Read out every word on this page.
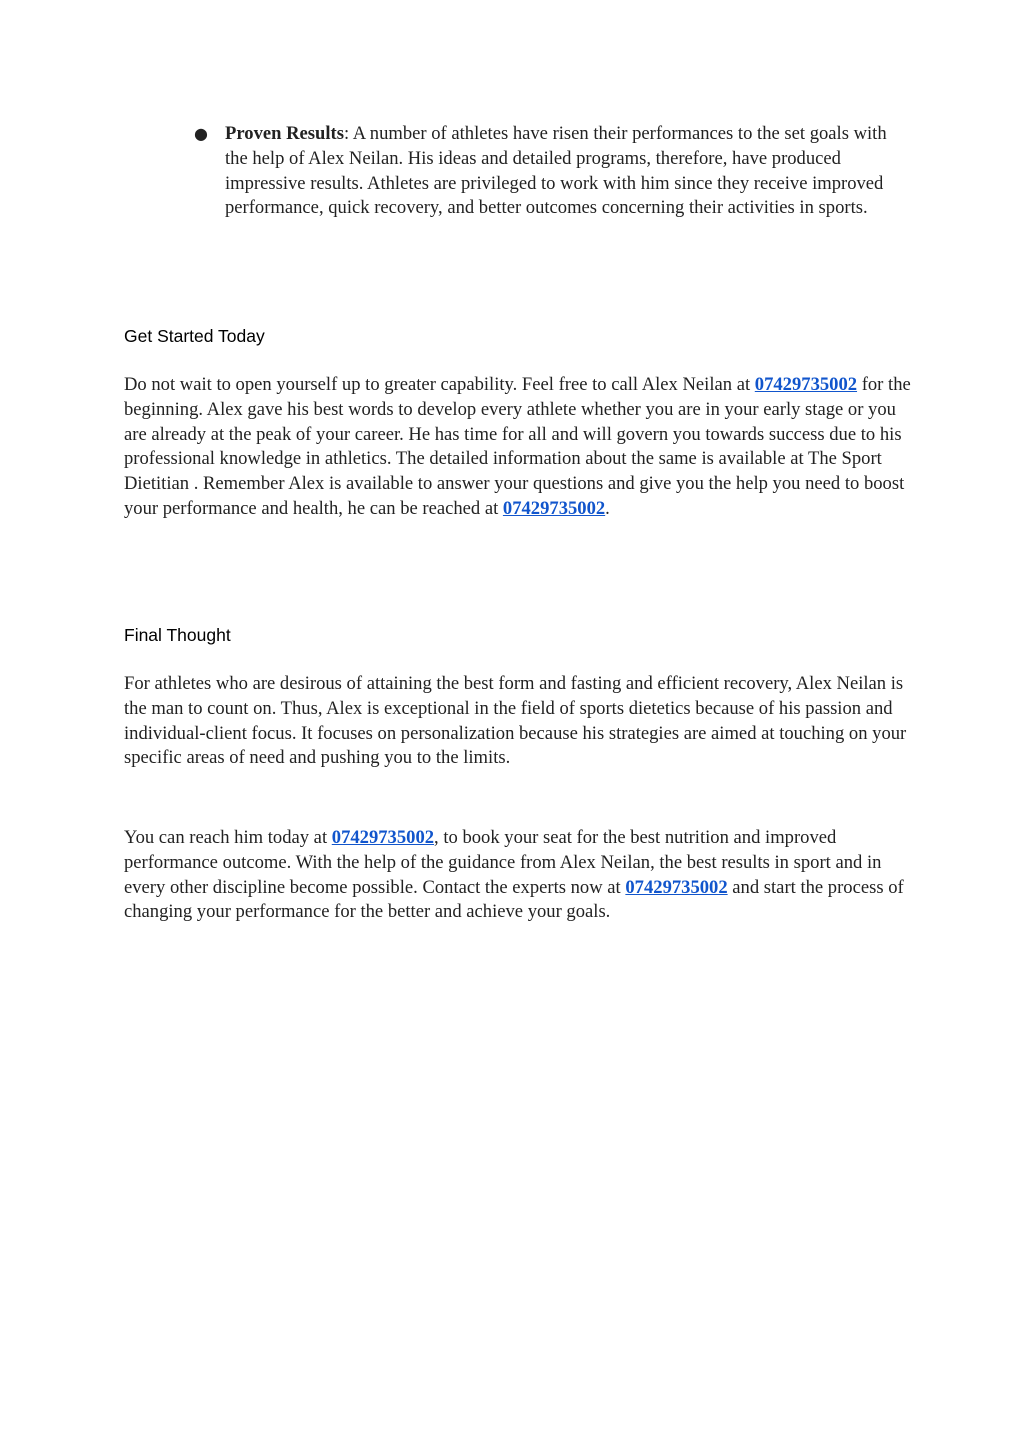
● Proven Results: A number of athletes have risen their performances to the set goals with the help of Alex Neilan. His ideas and detailed programs, therefore, have produced impressive results. Athletes are privileged to work with him since they receive improved performance, quick recovery, and better outcomes concerning their activities in sports.

Get Started Today

Do not wait to open yourself up to greater capability. Feel free to call Alex Neilan at 07429735002 for the beginning. Alex gave his best words to develop every athlete whether you are in your early stage or you are already at the peak of your career. He has time for all and will govern you towards success due to his professional knowledge in athletics. The detailed information about the same is available at The Sport Dietitian . Remember Alex is available to answer your questions and give you the help you need to boost your performance and health, he can be reached at 07429735002.

Final Thought

For athletes who are desirous of attaining the best form and fasting and efficient recovery, Alex Neilan is the man to count on. Thus, Alex is exceptional in the field of sports dietetics because of his passion and individual-client focus. It focuses on personalization because his strategies are aimed at touching on your specific areas of need and pushing you to the limits.

You can reach him today at 07429735002, to book your seat for the best nutrition and improved performance outcome. With the help of the guidance from Alex Neilan, the best results in sport and in every other discipline become possible. Contact the experts now at 07429735002 and start the process of changing your performance for the better and achieve your goals.
